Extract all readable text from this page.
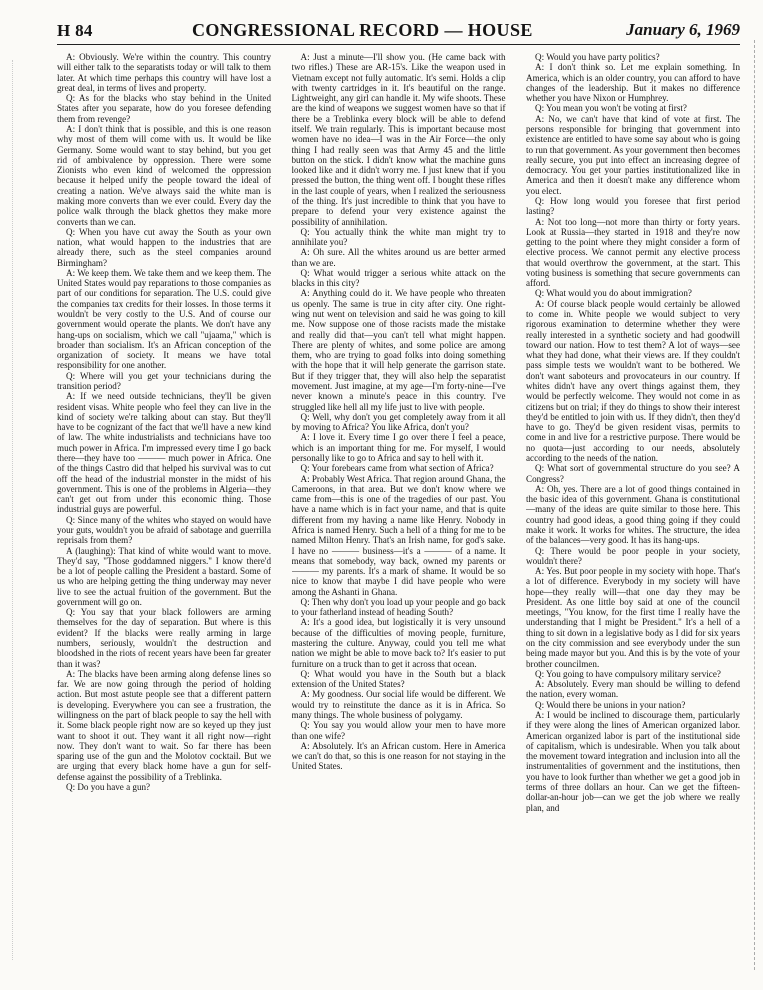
H 84	CONGRESSIONAL RECORD — HOUSE	January 6, 1969

A: Obviously. We're within the country. This country will either talk to the separatists today or will talk to them later. At which time perhaps this country will have lost a great deal, in terms of lives and property.

Q: As for the blacks who stay behind in the United States after you separate, how do you foresee defending them from revenge?

A: I don't think that is possible, and this is one reason why most of them will come with us. It would be like Germany. Some would want to stay behind, but you get rid of ambivalence by oppression. There were some Zionists who even kind of welcomed the oppression because it helped unify the people toward the ideal of creating a nation. We've always said the white man is making more converts than we ever could. Every day the police walk through the black ghettos they make more converts than we can.

Q: When you have cut away the South as your own nation, what would happen to the industries that are already there, such as the steel companies around Birmingham?

A: We keep them. We take them and we keep them. The United States would pay reparations to those companies as part of our conditions for separation. The U.S. could give the companies tax credits for their losses. In those terms it wouldn't be very costly to the U.S. And of course our government would operate the plants. We don't have any hang-ups on socialism, which we call "ujaama," which is broader than socialism. It's an African conception of the organization of society. It means we have total responsibility for one another.

Q: Where will you get your technicians during the transition period?

A: If we need outside technicians, they'll be given resident visas. White people who feel they can live in the kind of society we're talking about can stay. But they'll have to be cognizant of the fact that we'll have a new kind of law. The white industrialists and technicians have too much power in Africa. I'm impressed every time I go back there—they have too ——— much power in Africa. One of the things Castro did that helped his survival was to cut off the head of the industrial monster in the midst of his government. This is one of the problems in Algeria—they can't get out from under this economic thing. Those industrial guys are powerful.

Q: Since many of the whites who stayed on would have your guts, wouldn't you be afraid of sabotage and guerrilla reprisals from them?

A (laughing): That kind of white would want to move. They'd say, "Those goddamned niggers." I know there'd be a lot of people calling the President a bastard. Some of us who are helping getting the thing underway may never live to see the actual fruition of the government. But the government will go on.

Q: You say that your black followers are arming themselves for the day of separation. But where is this evident? If the blacks were really arming in large numbers, seriously, wouldn't the destruction and bloodshed in the riots of recent years have been far greater than it was?

A: The blacks have been arming along defense lines so far. We are now going through the period of holding action. But most astute people see that a different pattern is developing. Everywhere you can see a frustration, the willingness on the part of black people to say the hell with it. Some black people right now are so keyed up they just want to shoot it out. They want it all right now—right now. They don't want to wait. So far there has been sparing use of the gun and the Molotov cocktail. But we are urging that every black home have a gun for self-defense against the possibility of a Treblinka.

Q: Do you have a gun?

A: Just a minute—I'll show you. (He came back with two rifles.) These are AR-15's. Like the weapon used in Vietnam except not fully automatic. It's semi. Holds a clip with twenty cartridges in it. It's beautiful on the range. Lightweight, any girl can handle it. My wife shoots. These are the kind of weapons we suggest women have so that if there be a Treblinka every block will be able to defend itself. We train regularly. This is important because most women have no idea—I was in the Air Force—the only thing I had really seen was that Army 45 and the little button on the stick. I didn't know what the machine guns looked like and it didn't worry me. I just knew that if you pressed the button, the thing went off. I bought these rifles in the last couple of years, when I realized the seriousness of the thing. It's just incredible to think that you have to prepare to defend your very existence against the possibility of annihilation.

Q: You actually think the white man might try to annihilate you?

A: Oh sure. All the whites around us are better armed than we are.

Q: What would trigger a serious white attack on the blacks in this city?

A: Anything could do it. We have people who threaten us openly. The same is true in city after city. One right-wing nut went on television and said he was going to kill me. Now suppose one of those racists made the mistake and really did that—you can't tell what might happen. There are plenty of whites, and some police are among them, who are trying to goad folks into doing something with the hope that it will help generate the garrison state. But if they trigger that, they will also help the separatist movement. Just imagine, at my age—I'm forty-nine—I've never known a minute's peace in this country. I've struggled like hell all my life just to live with people.

Q: Well, why don't you get completely away from it all by moving to Africa? You like Africa, don't you?

A: I love it. Every time I go over there I feel a peace, which is an important thing for me. For myself, I would personally like to go to Africa and say to hell with it.

Q: Your forebears came from what section of Africa?

A: Probably West Africa. That region around Ghana, the Cameroons, in that area. But we don't know where we came from—this is one of the tragedies of our past. You have a name which is in fact your name, and that is quite different from my having a name like Henry. Nobody in Africa is named Henry. Such a hell of a thing for me to be named Milton Henry. That's an Irish name, for god's sake. I have no ——— business—it's a ——— of a name. It means that somebody, way back, owned my parents or ——— my parents. It's a mark of shame. It would be so nice to know that maybe I did have people who were among the Ashanti in Ghana.

Q: Then why don't you load up your people and go back to your fatherland instead of heading South?

A: It's a good idea, but logistically it is very unsound because of the difficulties of moving people, furniture, mastering the culture. Anyway, could you tell me what nation we might be able to move back to? It's easier to put furniture on a truck than to get it across that ocean.

Q: What would you have in the South but a black extension of the United States?

A: My goodness. Our social life would be different. We would try to reinstitute the dance as it is in Africa. So many things. The whole business of polygamy.

Q: You say you would allow your men to have more than one wife?

A: Absolutely. It's an African custom. Here in America we can't do that, so this is one reason for not staying in the United States.

Q: Would you have party politics?

A: I don't think so. Let me explain something. In America, which is an older country, you can afford to have changes of the leadership. But it makes no difference whether you have Nixon or Humphrey.

Q: You mean you won't be voting at first?

A: No, we can't have that kind of vote at first. The persons responsible for bringing that government into existence are entitled to have some say about who is going to run that government. As your government then becomes really secure, you put into effect an increasing degree of democracy. You get your parties institutionalized like in America and then it doesn't make any difference whom you elect.

Q: How long would you foresee that first period lasting?

A: Not too long—not more than thirty or forty years. Look at Russia—they started in 1918 and they're now getting to the point where they might consider a form of elective process. We cannot permit any elective process that would overthrow the government, at the start. This voting business is something that secure governments can afford.

Q: What would you do about immigration?

A: Of course black people would certainly be allowed to come in. White people we would subject to very rigorous examination to determine whether they were really interested in a synthetic society and had goodwill toward our nation. How to test them? A lot of ways—see what they had done, what their views are. If they couldn't pass simple tests we wouldn't want to be bothered. We don't want saboteurs and provocateurs in our country. If whites didn't have any overt things against them, they would be perfectly welcome. They would not come in as citizens but on trial; if they do things to show their interest they'd be entitled to join with us. If they didn't, then they'd have to go. They'd be given resident visas, permits to come in and live for a restrictive purpose. There would be no quota—just according to our needs, absolutely according to the needs of the nation.

Q: What sort of governmental structure do you see? A Congress?

A: Oh, yes. There are a lot of good things contained in the basic idea of this government. Ghana is constitutional—many of the ideas are quite similar to those here. This country had good ideas, a good thing going if they could make it work. It works for whites. The structure, the idea of the balances—very good. It has its hang-ups.

Q: There would be poor people in your society, wouldn't there?

A: Yes. But poor people in my society with hope. That's a lot of difference. Everybody in my society will have hope—they really will—that one day they may be President. As one little boy said at one of the council meetings, "You know, for the first time I really have the understanding that I might be President." It's a hell of a thing to sit down in a legislative body as I did for six years on the city commission and see everybody under the sun being made mayor but you. And this is by the vote of your brother councilmen.

Q: You going to have compulsory military service?

A: Absolutely. Every man should be willing to defend the nation, every woman.

Q: Would there be unions in your nation?

A: I would be inclined to discourage them, particularly if they were along the lines of American organized labor. American organized labor is part of the institutional side of capitalism, which is undesirable. When you talk about the movement toward integration and inclusion into all the instrumentalities of government and the institutions, then you have to look further than whether we get a good job in terms of three dollars an hour. Can we get the fifteen-dollar-an-hour job—can we get the job where we really plan, and
